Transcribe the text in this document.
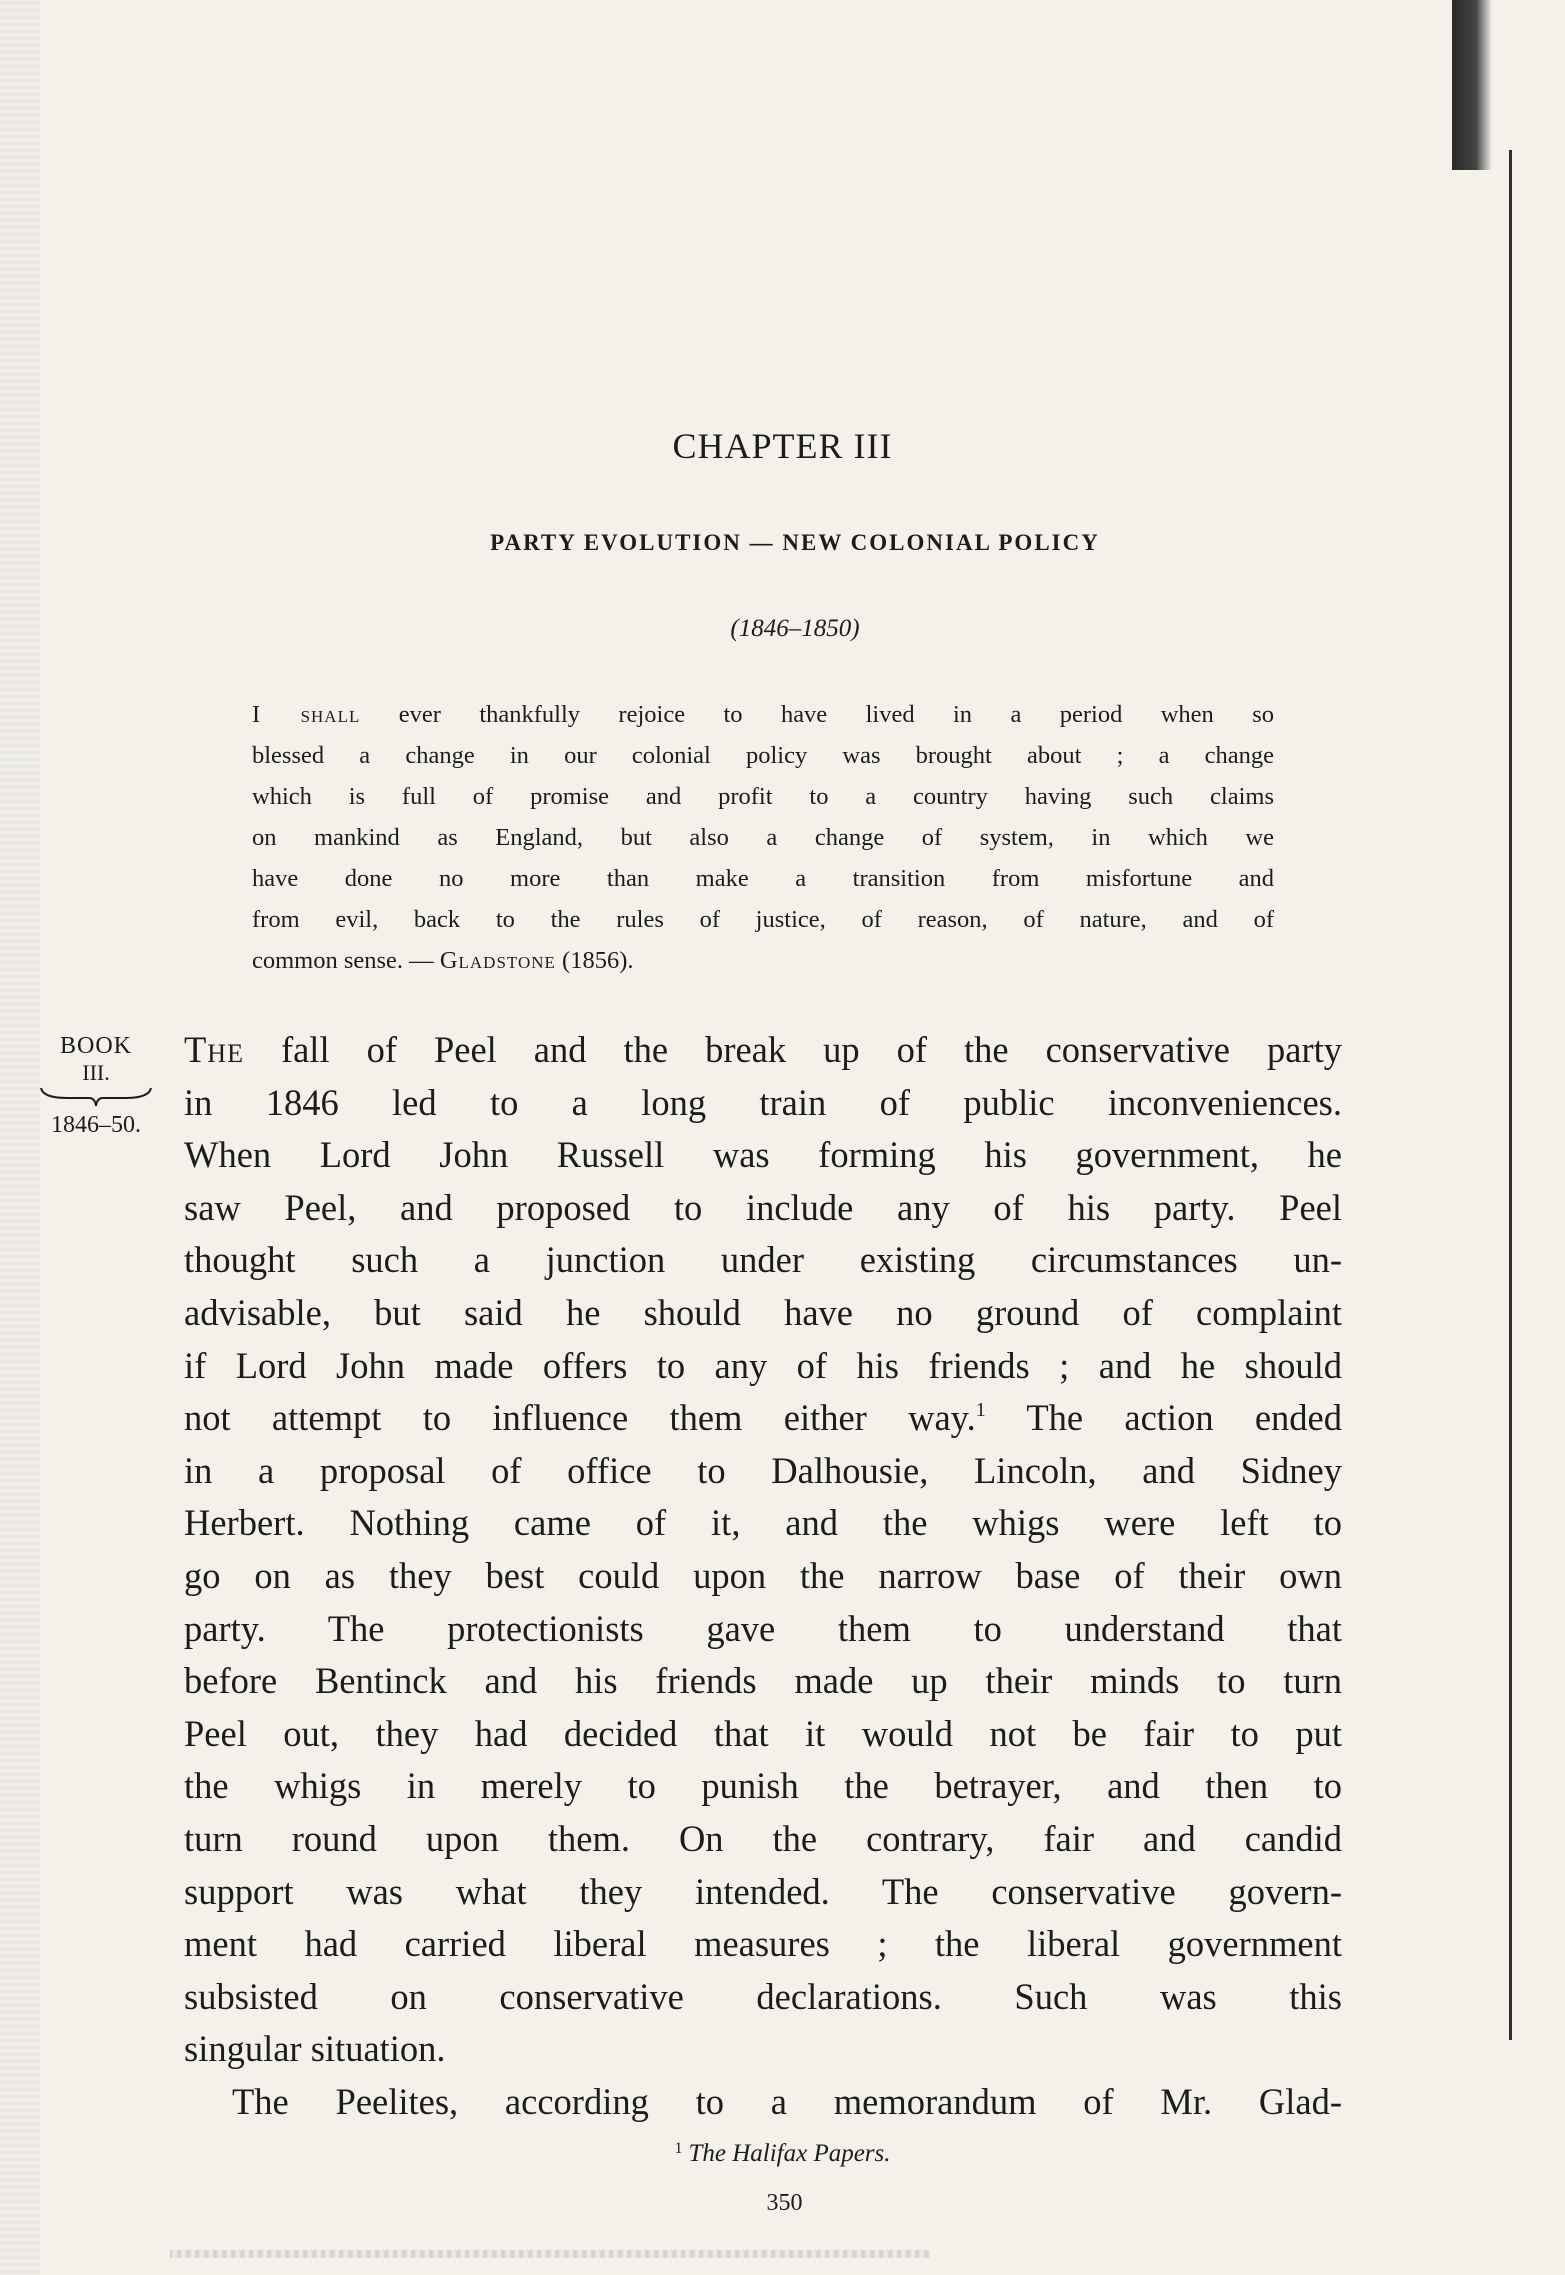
CHAPTER III
PARTY EVOLUTION — NEW COLONIAL POLICY
(1846–1850)
I shall ever thankfully rejoice to have lived in a period when so
blessed a change in our colonial policy was brought about ; a change
which is full of promise and profit to a country having such claims
on mankind as England, but also a change of system, in which we
have done no more than make a transition from misfortune and
from evil, back to the rules of justice, of reason, of nature, and of
common sense. — Gladstone (1856).
BOOK
III.
1846–50.
The fall of Peel and the break up of the conservative party
in 1846 led to a long train of public inconveniences.
When Lord John Russell was forming his government, he
saw Peel, and proposed to include any of his party. Peel
thought such a junction under existing circumstances un-
advisable, but said he should have no ground of complaint
if Lord John made offers to any of his friends ; and he should
not attempt to influence them either way.$^1$ The action ended
in a proposal of office to Dalhousie, Lincoln, and Sidney
Herbert. Nothing came of it, and the whigs were left to
go on as they best could upon the narrow base of their own
party. The protectionists gave them to understand that
before Bentinck and his friends made up their minds to turn
Peel out, they had decided that it would not be fair to put
the whigs in merely to punish the betrayer, and then to
turn round upon them. On the contrary, fair and candid
support was what they intended. The conservative govern-
ment had carried liberal measures ; the liberal government
subsisted on conservative declarations. Such was this
singular situation.
The Peelites, according to a memorandum of Mr. Glad-
$^1$ The Halifax Papers.
350
